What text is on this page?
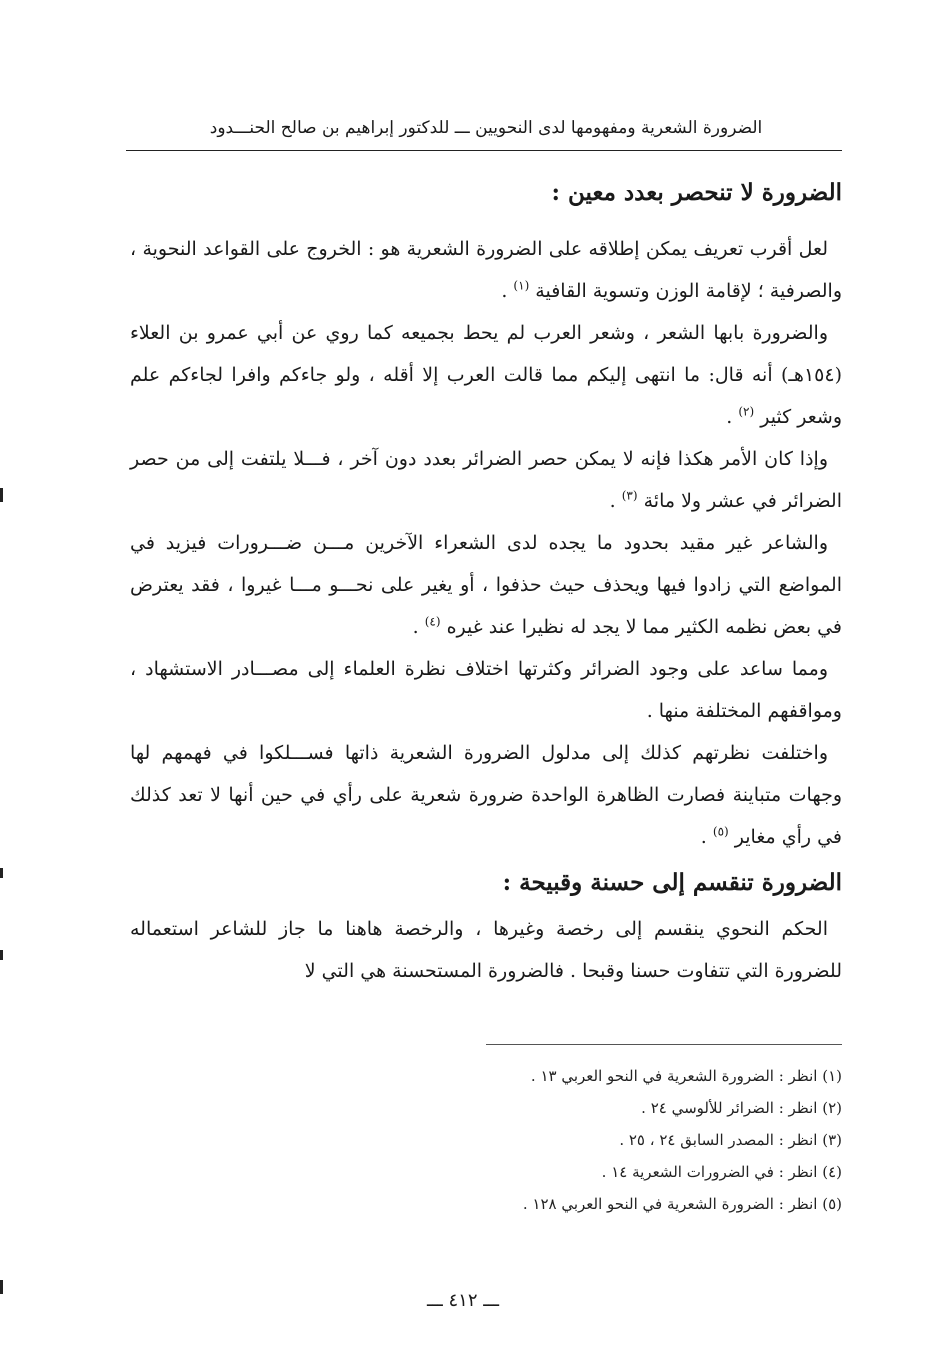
الضرورة الشعرية ومفهومها لدى النحويين ـــ للدكتور إبراهيم بن صالح الحنـــدود
الضرورة لا تنحصر بعدد معين :

لعل أقرب تعريف يمكن إطلاقه على الضرورة الشعرية هو : الخروج على القواعد النحوية ، والصرفية ؛ لإقامة الوزن وتسوية القافية $^{(١)}$ .

والضرورة بابها الشعر ، وشعر العرب لم يحط بجميعه كما روي عن أبي عمرو بن العلاء (١٥٤هـ) أنه قال: ما انتهى إليكم مما قالت العرب إلا أقله ، ولو جاءكم وافرا لجاءكم علم وشعر كثير $^{(٢)}$ .

وإذا كان الأمر هكذا فإنه لا يمكن حصر الضرائر بعدد دون آخر ، فـــلا يلتفت إلى من حصر الضرائر في عشر ولا مائة $^{(٣)}$ .

والشاعر غير مقيد بحدود ما يجده لدى الشعراء الآخرين مـــن ضـــرورات فيزيد في المواضع التي زادوا فيها ويحذف حيث حذفوا ، أو يغير على نحـــو مـــا غيروا ، فقد يعترض في بعض نظمه الكثير مما لا يجد له نظيرا عند غيره $^{(٤)}$ .

ومما ساعد على وجود الضرائر وكثرتها اختلاف نظرة العلماء إلى مصـــادر الاستشهاد ، ومواقفهم المختلفة منها .

واختلفت نظرتهم كذلك إلى مدلول الضرورة الشعرية ذاتها فســـلكوا في فهمهم لها وجهات متباينة فصارت الظاهرة الواحدة ضرورة شعرية على رأي في حين أنها لا تعد كذلك في رأي مغاير $^{(٥)}$ .

الضرورة تنقسم إلى حسنة وقبيحة :

الحكم النحوي ينقسم إلى رخصة وغيرها ، والرخصة هاهنا ما جاز للشاعر استعماله للضرورة التي تتفاوت حسنا وقبحا . فالضرورة المستحسنة هي التي لا

(١) انظر : الضرورة الشعرية في النحو العربي ١٣ .
(٢) انظر : الضرائر للألوسي ٢٤ .
(٣) انظر : المصدر السابق ٢٤ ، ٢٥ .
(٤) انظر : في الضرورات الشعرية ١٤ .
(٥) انظر : الضرورة الشعرية في النحو العربي ١٢٨ .
ـــ ٤١٢ ـــ
